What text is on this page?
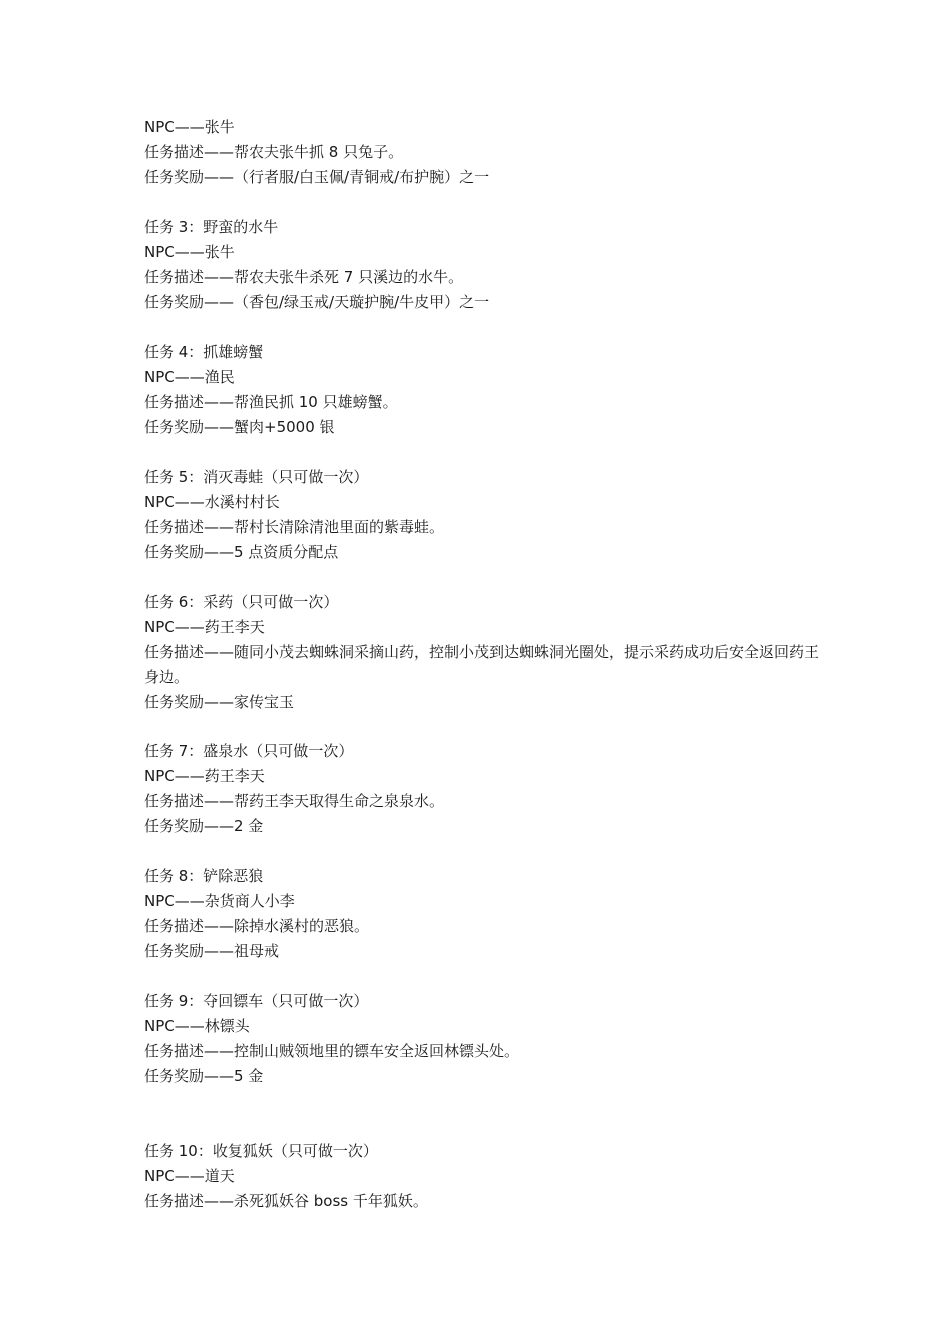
NPC——张牛
任务描述——帮农夫张牛抓 8 只兔子。
任务奖励——（行者服/白玉佩/青铜戒/布护腕）之一
任务 3：野蛮的水牛
NPC——张牛
任务描述——帮农夫张牛杀死 7 只溪边的水牛。
任务奖励——（香包/绿玉戒/天璇护腕/牛皮甲）之一
任务 4：抓雄螃蟹
NPC——渔民
任务描述——帮渔民抓 10 只雄螃蟹。
任务奖励——蟹肉+5000 银
任务 5：消灭毒蛙（只可做一次）
NPC——水溪村村长
任务描述——帮村长清除清池里面的紫毒蛙。
任务奖励——5 点资质分配点
任务 6：采药（只可做一次）
NPC——药王李天
任务描述——随同小茂去蜘蛛洞采摘山药，控制小茂到达蜘蛛洞光圈处，提示采药成功后安全返回药王身边。
任务奖励——家传宝玉
任务 7：盛泉水（只可做一次）
NPC——药王李天
任务描述——帮药王李天取得生命之泉泉水。
任务奖励——2 金
任务 8：铲除恶狼
NPC——杂货商人小李
任务描述——除掉水溪村的恶狼。
任务奖励——祖母戒
任务 9：夺回镖车（只可做一次）
NPC——林镖头
任务描述——控制山贼领地里的镖车安全返回林镖头处。
任务奖励——5 金
任务 10：收复狐妖（只可做一次）
NPC——道天
任务描述——杀死狐妖谷 boss 千年狐妖。
